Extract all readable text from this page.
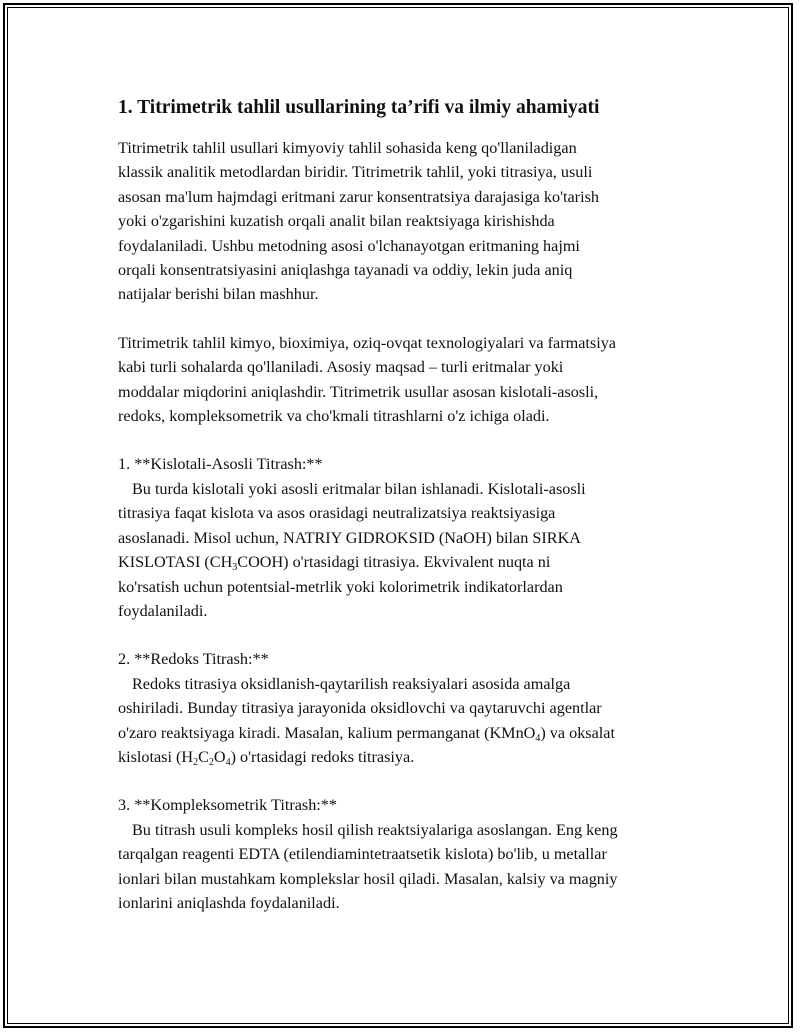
1. Titrimetrik tahlil usullarining ta’rifi va ilmiy ahamiyati
Titrimetrik tahlil usullari kimyoviy tahlil sohasida keng qo'llaniladigan
klassik analitik metodlardan biridir. Titrimetrik tahlil, yoki titrasiya, usuli
asosan ma'lum hajmdagi eritmani zarur konsentratsiya darajasiga ko'tarish
yoki o'zgarishini kuzatish orqali analit bilan reaktsiyaga kirishishda
foydalaniladi. Ushbu metodning asosi o'lchanayotgan eritmaning hajmi
orqali konsentratsiyasini aniqlashga tayanadi va oddiy, lekin juda aniq
natijalar berishi bilan mashhur.
Titrimetrik tahlil kimyo, bioximiya, oziq-ovqat texnologiyalari va farmatsiya
kabi turli sohalarda qo'llaniladi. Asosiy maqsad – turli eritmalar yoki
moddalar miqdorini aniqlashdir. Titrimetrik usullar asosan kislotali-asosli,
redoks, kompleksometrik va cho'kmali titrashlarni o'z ichiga oladi.
1. **Kislotali-Asosli Titrash:**
Bu turda kislotali yoki asosli eritmalar bilan ishlanadi. Kislotali-asosli
titrasiya faqat kislota va asos orasidagi neutralizatsiya reaktsiyasiga
asoslanadi. Misol uchun, NATRIY GIDROKSID (NaOH) bilan SIRKA
KISLOTASI $(CH_3COOH)$ o'rtasidagi titrasiya. Ekvivalent nuqta ni
ko'rsatish uchun potentsial-metrlik yoki kolorimetrik indikatorlardan
foydalaniladi.
2. **Redoks Titrash:**
Redoks titrasiya oksidlanish-qaytarilish reaksiyalari asosida amalga
oshiriladi. Bunday titrasiya jarayonida oksidlovchi va qaytaruvchi agentlar
o'zaro reaktsiyaga kiradi. Masalan, kalium permanganat (KMnO$_4$) va oksalat
kislotasi $(H_2C_2O_4)$ o'rtasidagi redoks titrasiya.
3. **Kompleksometrik Titrash:**
Bu titrash usuli kompleks hosil qilish reaktsiyalariga asoslangan. Eng keng
tarqalgan reagenti EDTA (etilendiamintetraatsetik kislota) bo'lib, u metallar
ionlari bilan mustahkam komplekslar hosil qiladi. Masalan, kalsiy va magniy
ionlarini aniqlashda foydalaniladi.
